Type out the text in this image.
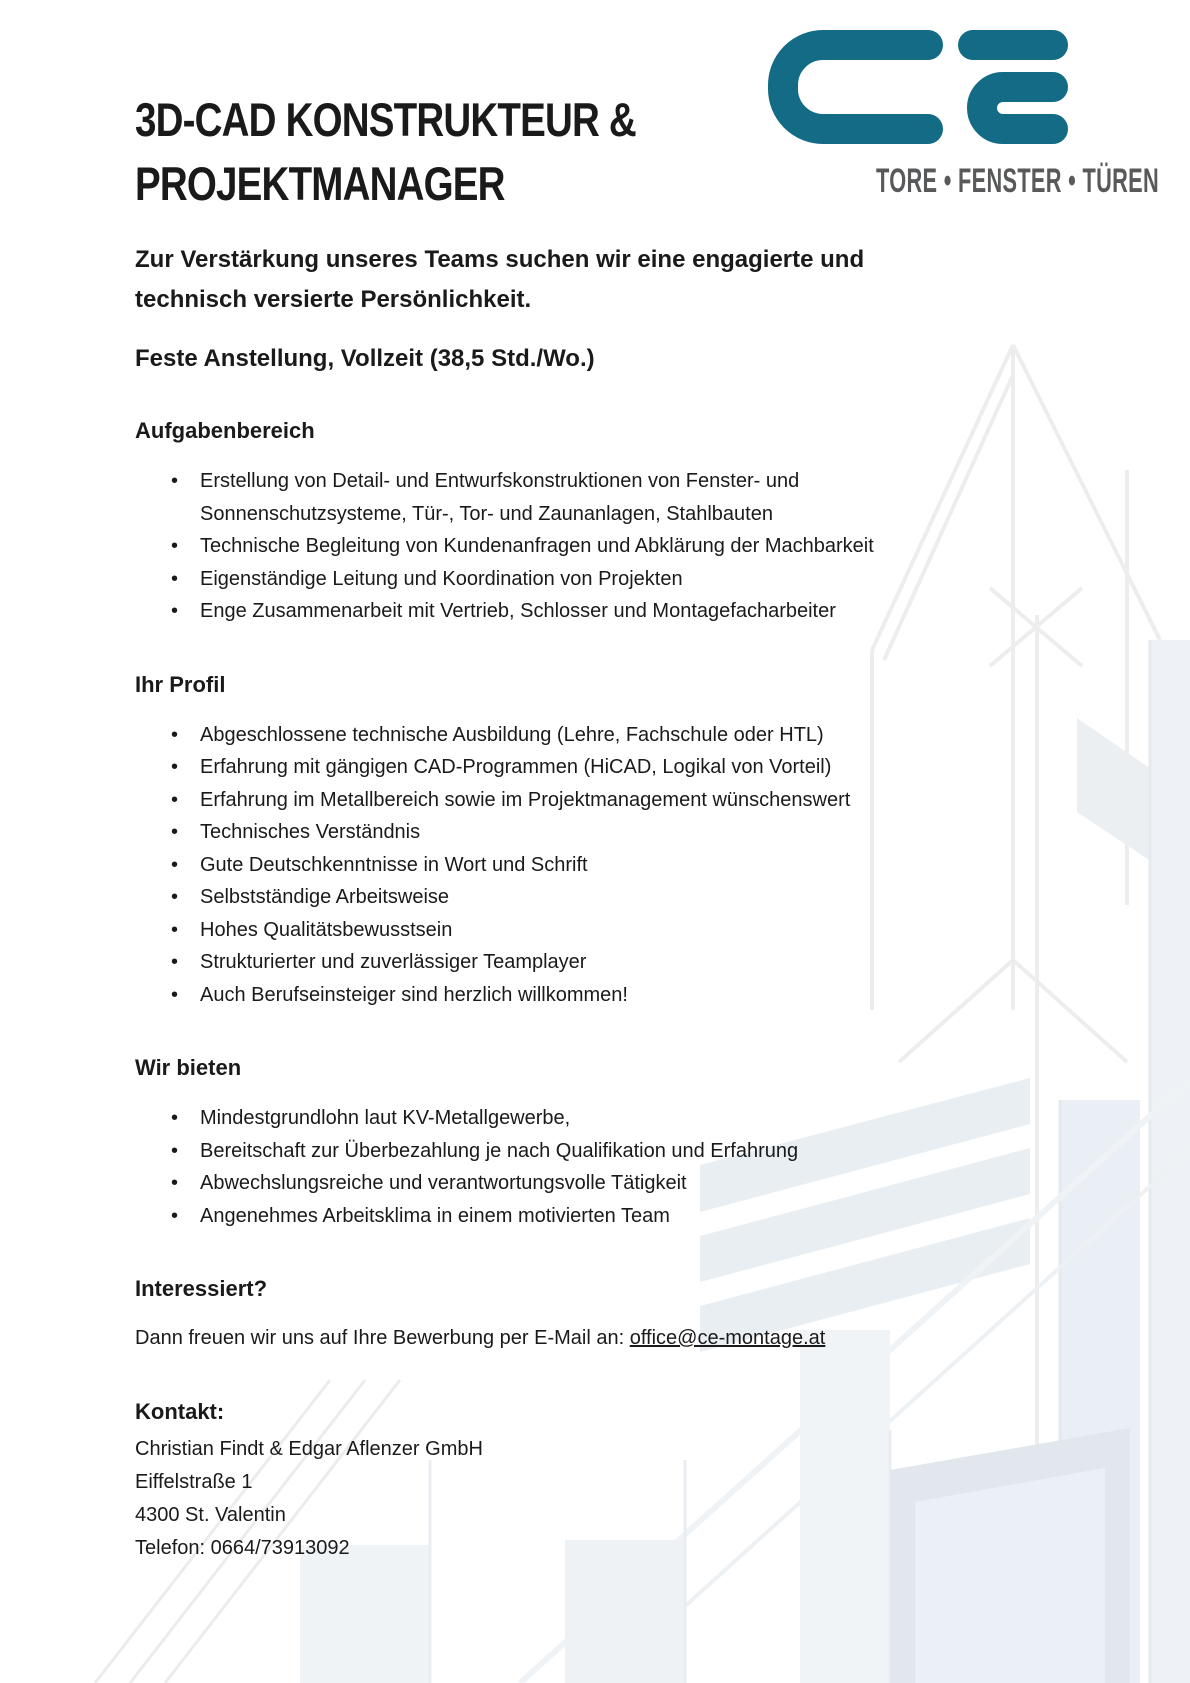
TORE • FENSTER • TÜREN
3D-CAD KONSTRUKTEUR &
PROJEKTMANAGER

Zur Verstärkung unseres Teams suchen wir eine engagierte und technisch versierte Persönlichkeit.

Feste Anstellung, Vollzeit (38,5 Std./Wo.)

Aufgabenbereich
• Erstellung von Detail- und Entwurfskonstruktionen von Fenster- und Sonnenschutzsysteme, Tür-, Tor- und Zaunanlagen, Stahlbauten
• Technische Begleitung von Kundenanfragen und Abklärung der Machbarkeit
• Eigenständige Leitung und Koordination von Projekten
• Enge Zusammenarbeit mit Vertrieb, Schlosser und Montagefacharbeiter
Ihr Profil
• Abgeschlossene technische Ausbildung (Lehre, Fachschule oder HTL)
• Erfahrung mit gängigen CAD-Programmen (HiCAD, Logikal von Vorteil)
• Erfahrung im Metallbereich sowie im Projektmanagement wünschenswert
• Technisches Verständnis
• Gute Deutschkenntnisse in Wort und Schrift
• Selbstständige Arbeitsweise
• Hohes Qualitätsbewusstsein
• Strukturierter und zuverlässiger Teamplayer
• Auch Berufseinsteiger sind herzlich willkommen!
Wir bieten
• Mindestgrundlohn laut KV-Metallgewerbe,
• Bereitschaft zur Überbezahlung je nach Qualifikation und Erfahrung
• Abwechslungsreiche und verantwortungsvolle Tätigkeit
• Angenehmes Arbeitsklima in einem motivierten Team
Interessiert?

Dann freuen wir uns auf Ihre Bewerbung per E-Mail an: office@ce-montage.at

Kontakt:
Christian Findt & Edgar Aflenzer GmbH
Eiffelstraße 1
4300 St. Valentin
Telefon: 0664/73913092
